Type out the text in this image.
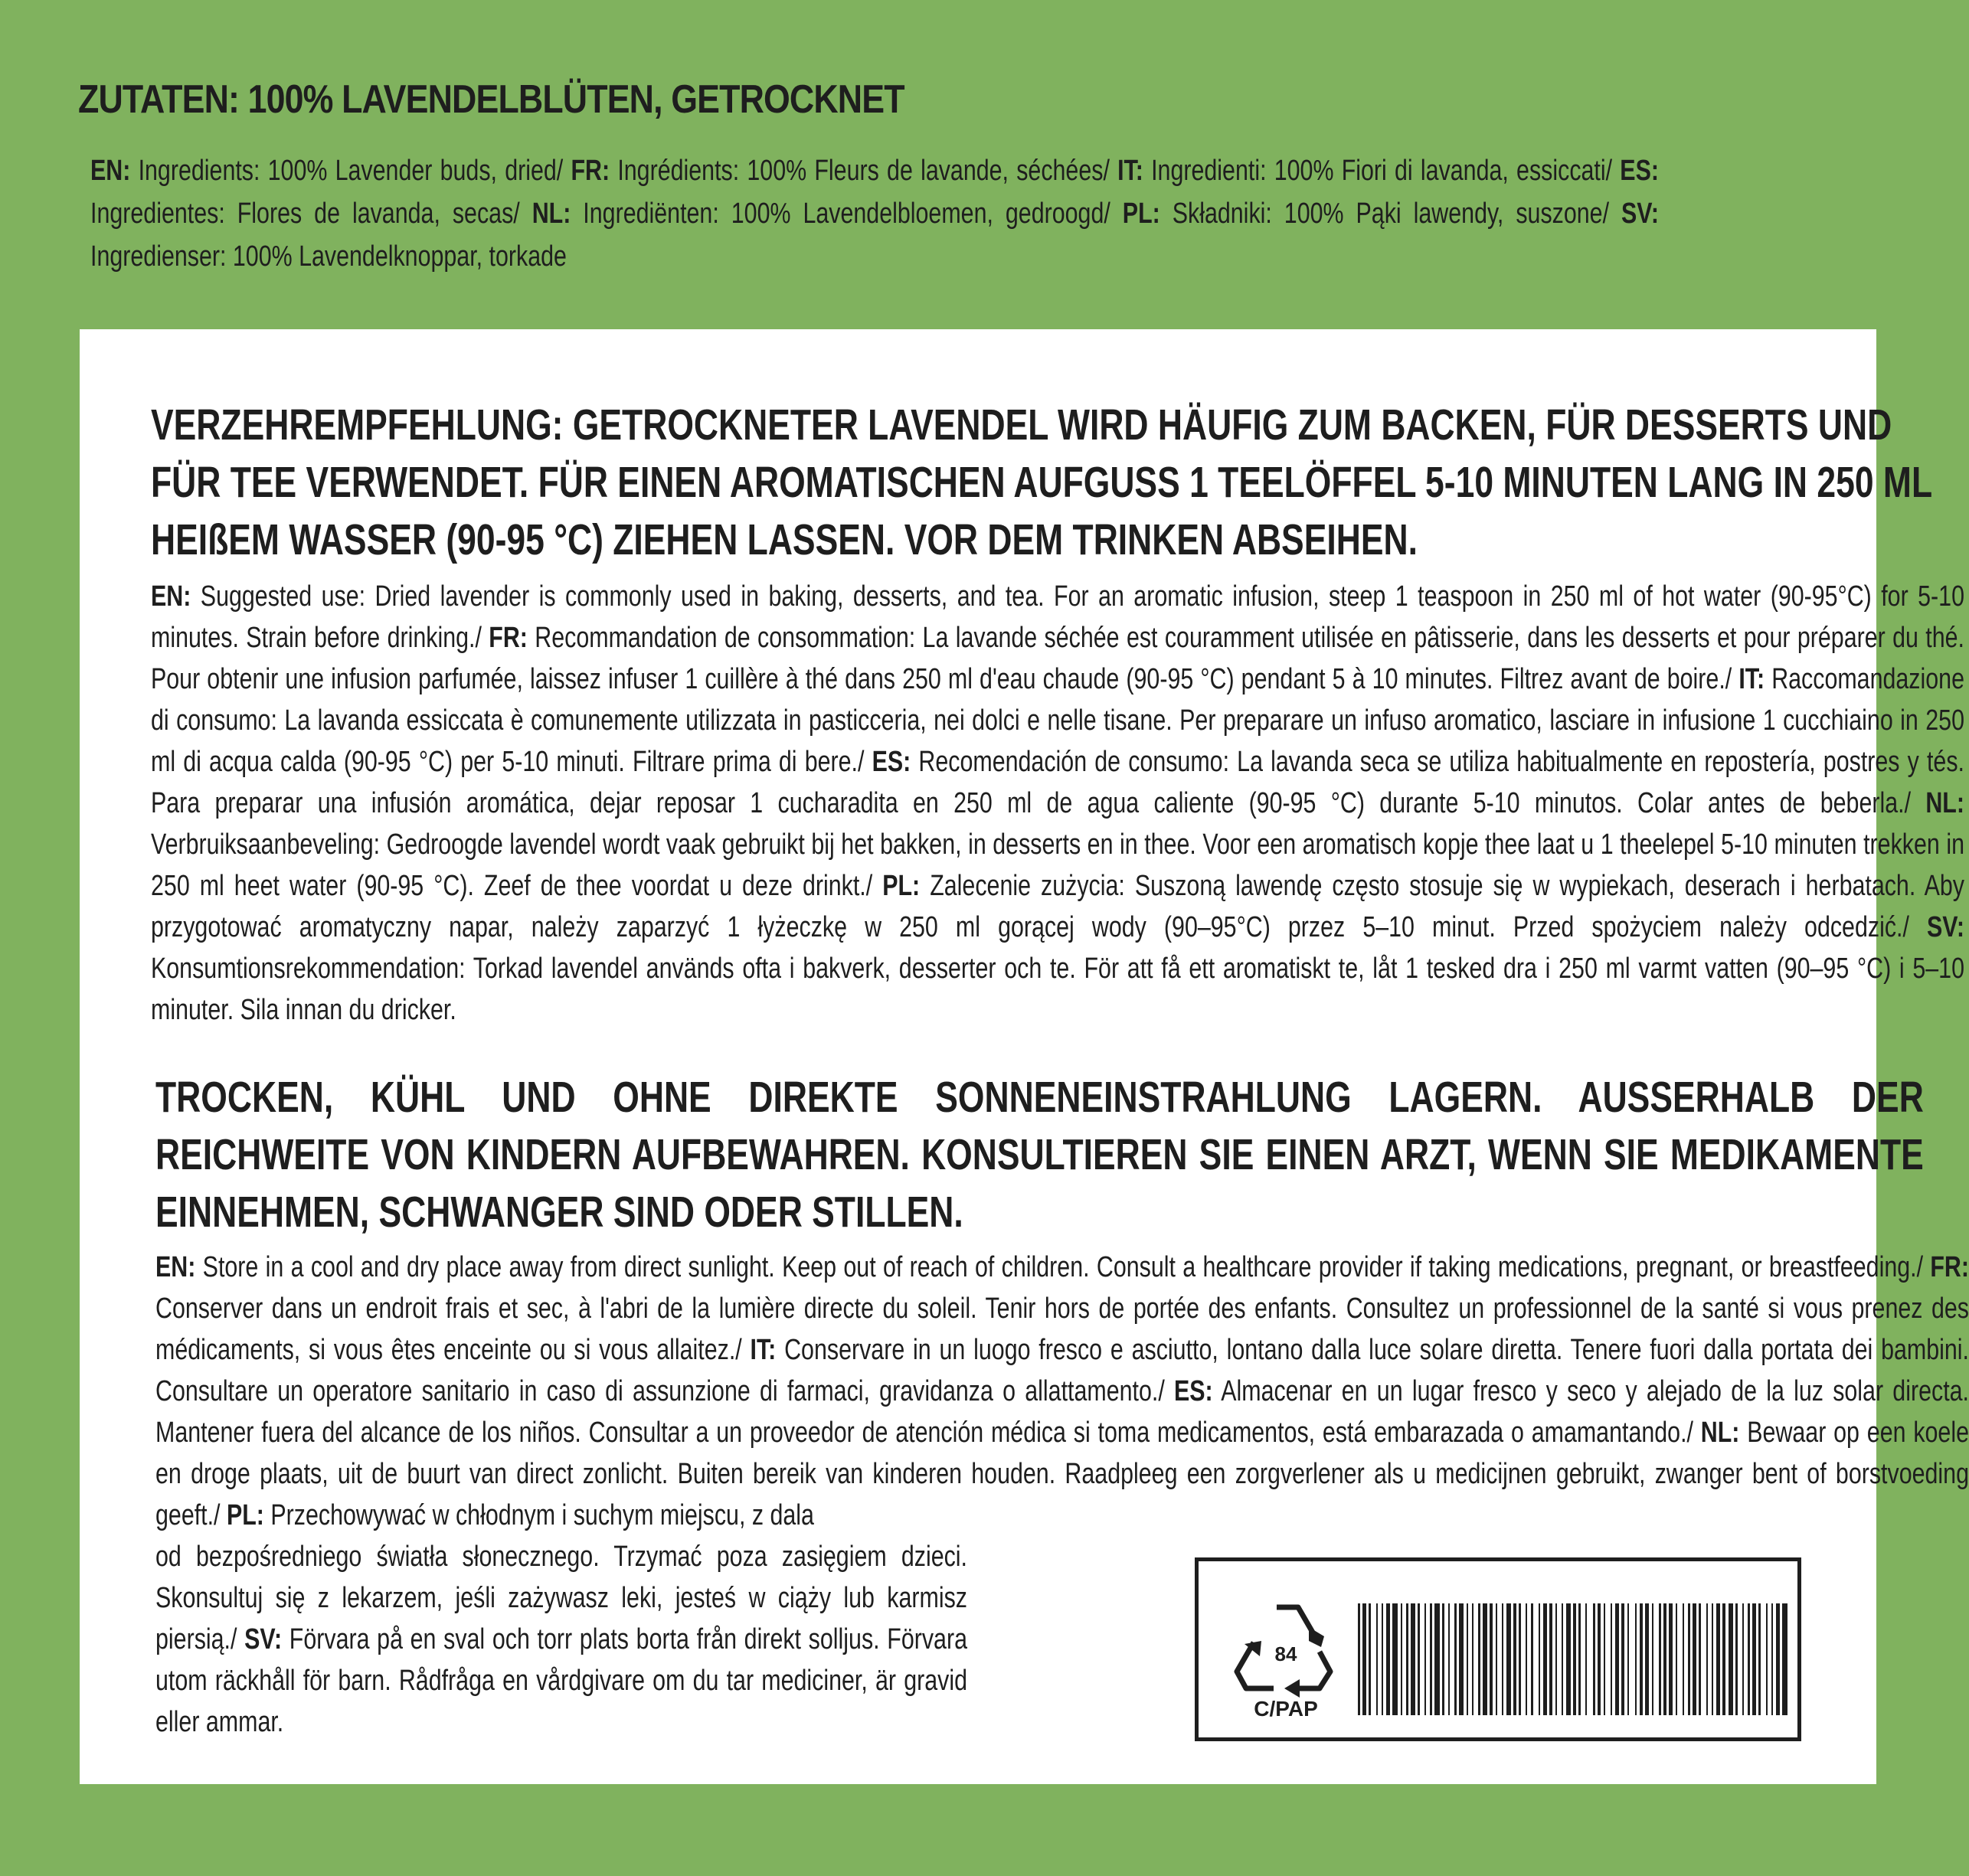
ZUTATEN: 100% LAVENDELBLÜTEN, GETROCKNET

EN: Ingredients: 100% Lavender buds, dried/ FR: Ingrédients: 100% Fleurs de lavande, séchées/ IT: Ingredienti: 100% Fiori di lavanda, essiccati/ ES: Ingredientes: Flores de lavanda, secas/ NL: Ingrediënten: 100% Lavendelbloemen, gedroogd/ PL: Składniki: 100% Pąki lawendy, suszone/ SV: Ingredienser: 100% Lavendelknoppar, torkade

VERZEHREMPFEHLUNG: GETROCKNETER LAVENDEL WIRD HÄUFIG ZUM BACKEN, FÜR DESSERTS UND FÜR TEE VERWENDET. FÜR EINEN AROMATISCHEN AUFGUSS 1 TEELÖFFEL 5-10 MINUTEN LANG IN 250 ML HEIßEM WASSER (90-95 °C) ZIEHEN LASSEN. VOR DEM TRINKEN ABSEIHEN.

EN: Suggested use: Dried lavender is commonly used in baking, desserts, and tea. For an aromatic infusion, steep 1 teaspoon in 250 ml of hot water (90-95°C) for 5-10 minutes. Strain before drinking./ FR: Recommandation de consommation: La lavande séchée est couramment utilisée en pâtisserie, dans les desserts et pour préparer du thé. Pour obtenir une infusion parfumée, laissez infuser 1 cuillère à thé dans 250 ml d'eau chaude (90-95 °C) pendant 5 à 10 minutes. Filtrez avant de boire./ IT: Raccomandazione di consumo: La lavanda essiccata è comunemente utilizzata in pasticceria, nei dolci e nelle tisane. Per preparare un infuso aromatico, lasciare in infusione 1 cucchiaino in 250 ml di acqua calda (90-95 °C) per 5-10 minuti. Filtrare prima di bere./ ES: Recomendación de consumo: La lavanda seca se utiliza habitualmente en repostería, postres y tés. Para preparar una infusión aromática, dejar reposar 1 cucharadita en 250 ml de agua caliente (90-95 °C) durante 5-10 minutos. Colar antes de beberla./ NL: Verbruiksaanbeveling: Gedroogde lavendel wordt vaak gebruikt bij het bakken, in desserts en in thee. Voor een aromatisch kopje thee laat u 1 theelepel 5-10 minuten trekken in 250 ml heet water (90-95 °C). Zeef de thee voordat u deze drinkt./ PL: Zalecenie zużycia: Suszoną lawendę często stosuje się w wypiekach, deserach i herbatach. Aby przygotować aromatyczny napar, należy zaparzyć 1 łyżeczkę w 250 ml gorącej wody (90–95°C) przez 5–10 minut. Przed spożyciem należy odcedzić./ SV: Konsumtionsrekommendation: Torkad lavendel används ofta i bakverk, desserter och te. För att få ett aromatiskt te, låt 1 tesked dra i 250 ml varmt vatten (90–95 °C) i 5–10 minuter. Sila innan du dricker.

TROCKEN, KÜHL UND OHNE DIREKTE SONNENEINSTRAHLUNG LAGERN. AUSSERHALB DER REICHWEITE VON KINDERN AUFBEWAHREN. KONSULTIEREN SIE EINEN ARZT, WENN SIE MEDIKAMENTE EINNEHMEN, SCHWANGER SIND ODER STILLEN.

EN: Store in a cool and dry place away from direct sunlight. Keep out of reach of children. Consult a healthcare provider if taking medications, pregnant, or breastfeeding./ FR: Conserver dans un endroit frais et sec, à l'abri de la lumière directe du soleil. Tenir hors de portée des enfants. Consultez un professionnel de la santé si vous prenez des médicaments, si vous êtes enceinte ou si vous allaitez./ IT: Conservare in un luogo fresco e asciutto, lontano dalla luce solare diretta. Tenere fuori dalla portata dei bambini. Consultare un operatore sanitario in caso di assunzione di farmaci, gravidanza o allattamento./ ES: Almacenar en un lugar fresco y seco y alejado de la luz solar directa. Mantener fuera del alcance de los niños. Consultar a un proveedor de atención médica si toma medicamentos, está embarazada o amamantando./ NL: Bewaar op een koele en droge plaats, uit de buurt van direct zonlicht. Buiten bereik van kinderen houden. Raadpleeg een zorgverlener als u medicijnen gebruikt, zwanger bent of borstvoeding geeft./ PL: Przechowywać w chłodnym i suchym miejscu, z dala

od bezpośredniego światła słonecznego. Trzymać poza zasięgiem dzieci. Skonsultuj się z lekarzem, jeśli zażywasz leki, jesteś w ciąży lub karmisz piersią./ SV: Förvara på en sval och torr plats borta från direkt solljus. Förvara utom räckhåll för barn. Rådfråga en vårdgivare om du tar mediciner, är gravid eller ammar.

84
C/PAP
